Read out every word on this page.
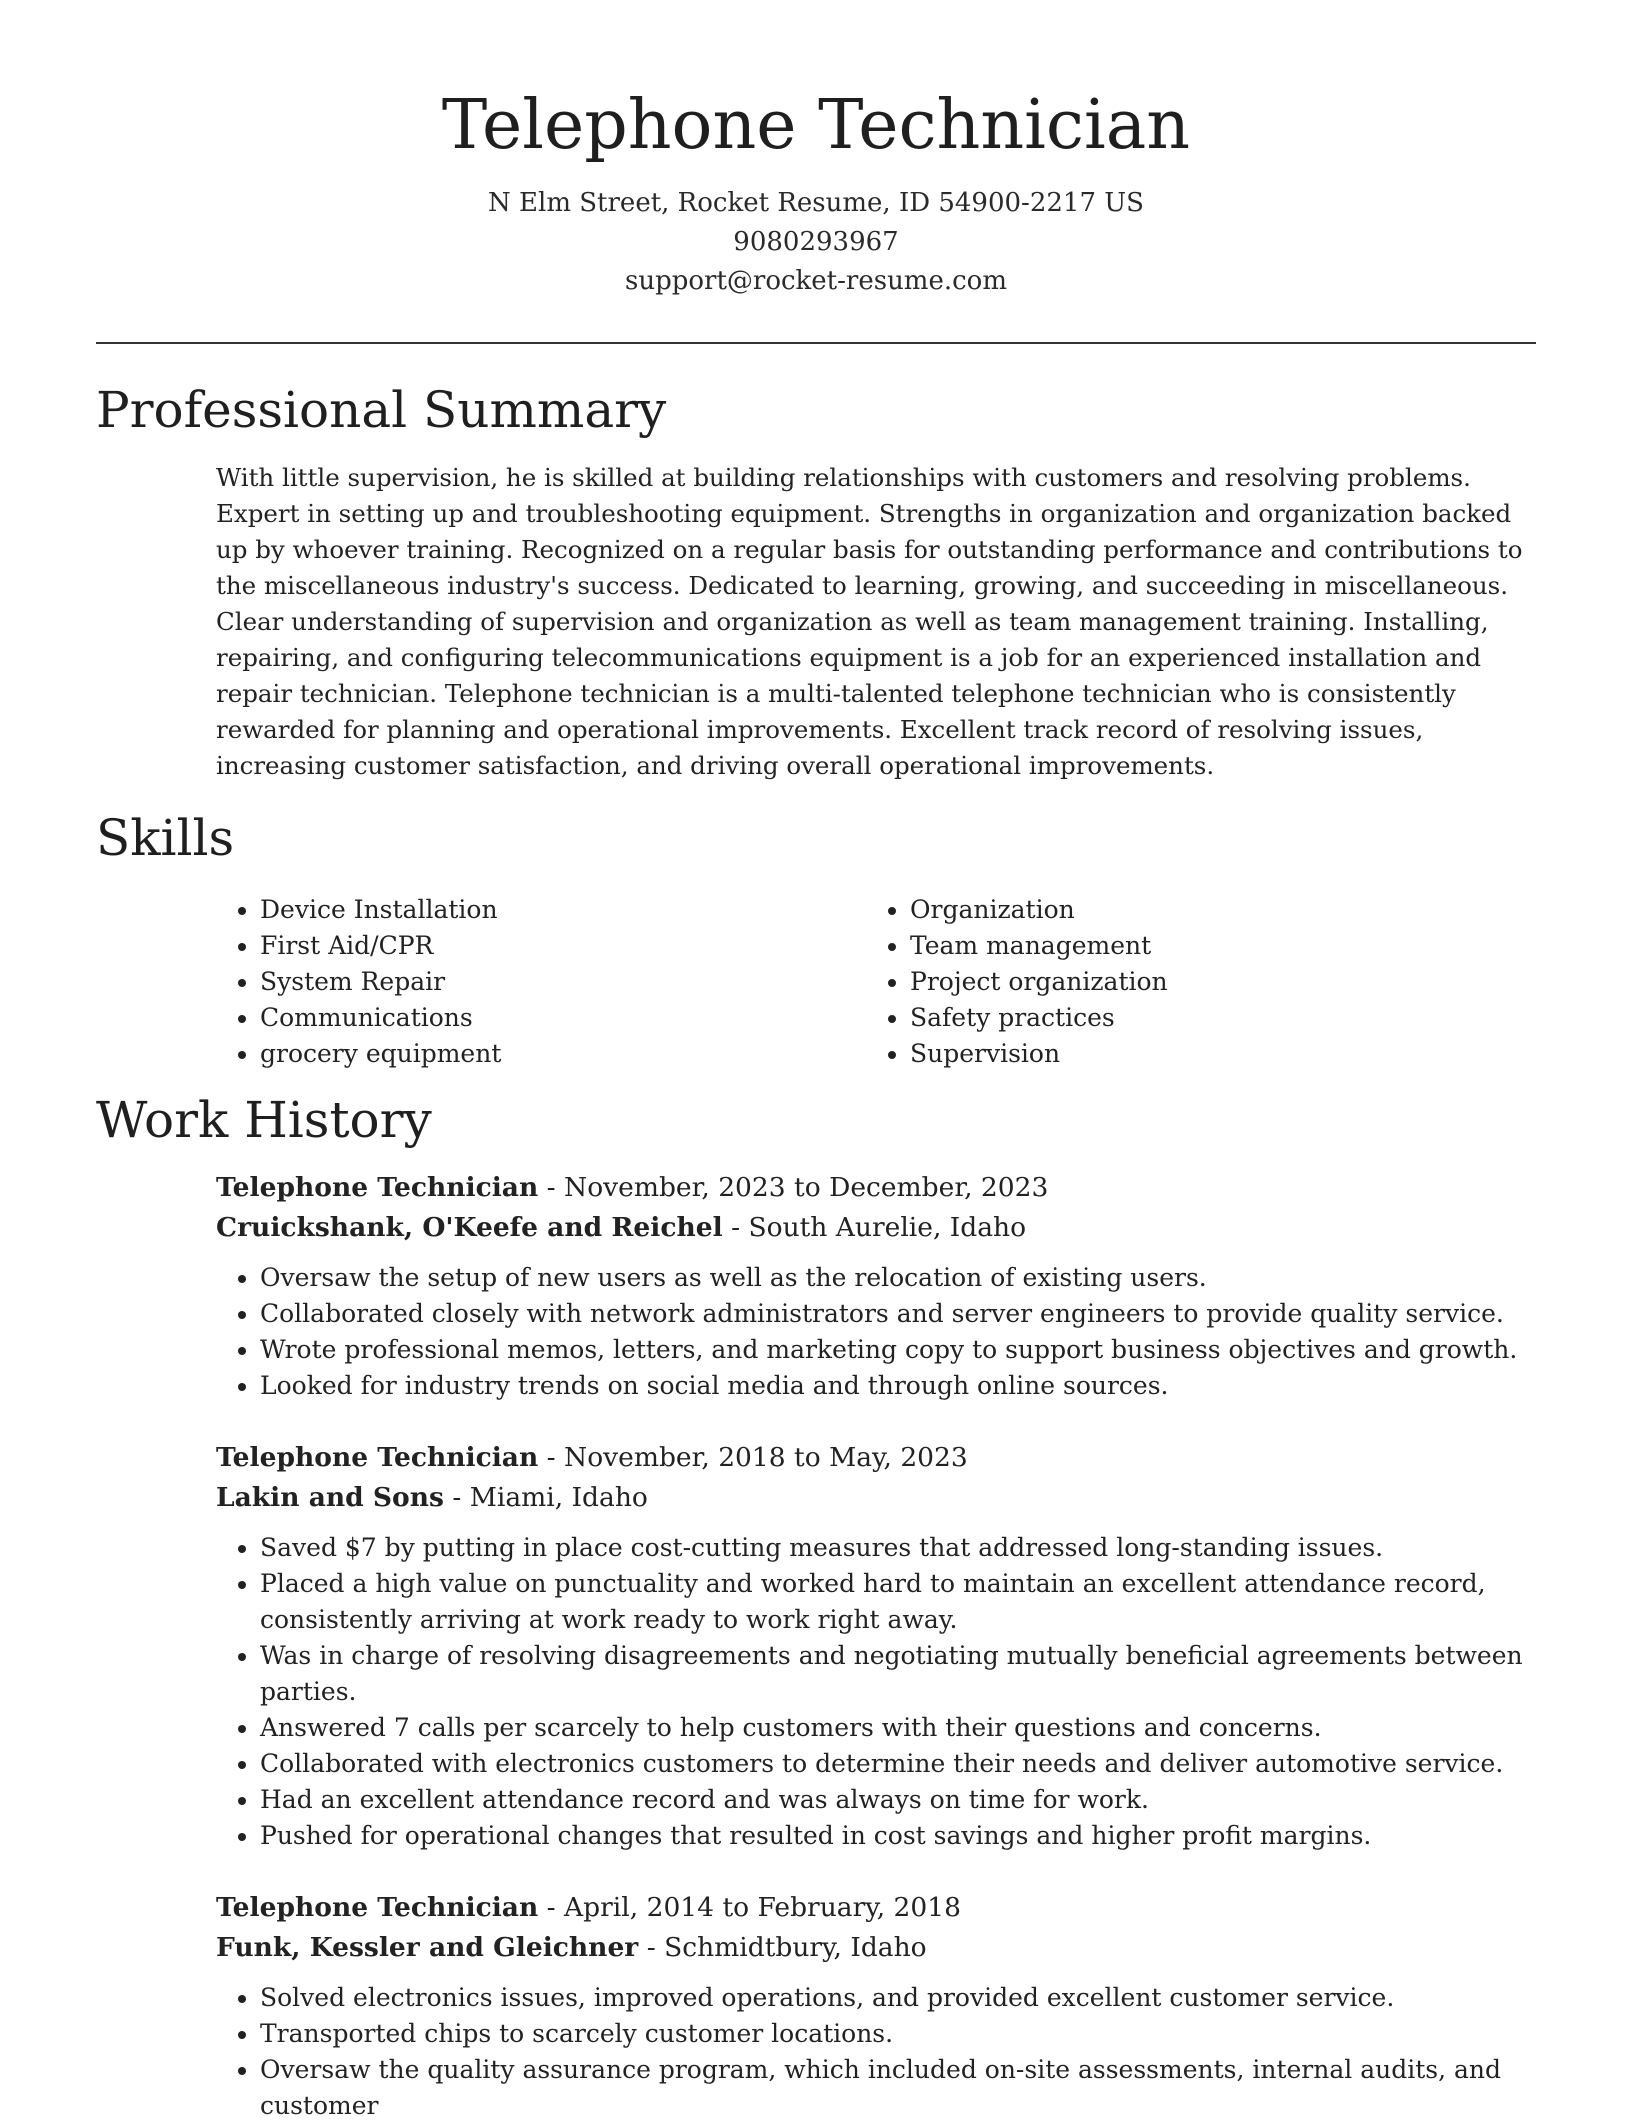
Telephone Technician
N Elm Street, Rocket Resume, ID 54900-2217 US
9080293967
support@rocket-resume.com
Professional Summary

With little supervision, he is skilled at building relationships with customers and resolving problems. Expert in setting up and troubleshooting equipment. Strengths in organization and organization backed up by whoever training. Recognized on a regular basis for outstanding performance and contributions to the miscellaneous industry's success. Dedicated to learning, growing, and succeeding in miscellaneous. Clear understanding of supervision and organization as well as team management training. Installing, repairing, and configuring telecommunications equipment is a job for an experienced installation and repair technician. Telephone technician is a multi-talented telephone technician who is consistently rewarded for planning and operational improvements. Excellent track record of resolving issues, increasing customer satisfaction, and driving overall operational improvements.

Skills
• Device Installation
• First Aid/CPR
• System Repair
• Communications
• grocery equipment
• Organization
• Team management
• Project organization
• Safety practices
• Supervision
Work History

Telephone Technician - November, 2023 to December, 2023

Cruickshank, O'Keefe and Reichel - South Aurelie, Idaho

• Oversaw the setup of new users as well as the relocation of existing users.
• Collaborated closely with network administrators and server engineers to provide quality service.
• Wrote professional memos, letters, and marketing copy to support business objectives and growth.
• Looked for industry trends on social media and through online sources.

Telephone Technician - November, 2018 to May, 2023

Lakin and Sons - Miami, Idaho

• Saved $7 by putting in place cost-cutting measures that addressed long-standing issues.
• Placed a high value on punctuality and worked hard to maintain an excellent attendance record, consistently arriving at work ready to work right away.
• Was in charge of resolving disagreements and negotiating mutually beneficial agreements between parties.
• Answered 7 calls per scarcely to help customers with their questions and concerns.
• Collaborated with electronics customers to determine their needs and deliver automotive service.
• Had an excellent attendance record and was always on time for work.
• Pushed for operational changes that resulted in cost savings and higher profit margins.

Telephone Technician - April, 2014 to February, 2018

Funk, Kessler and Gleichner - Schmidtbury, Idaho

• Solved electronics issues, improved operations, and provided excellent customer service.
• Transported chips to scarcely customer locations.
• Oversaw the quality assurance program, which included on-site assessments, internal audits, and customer
